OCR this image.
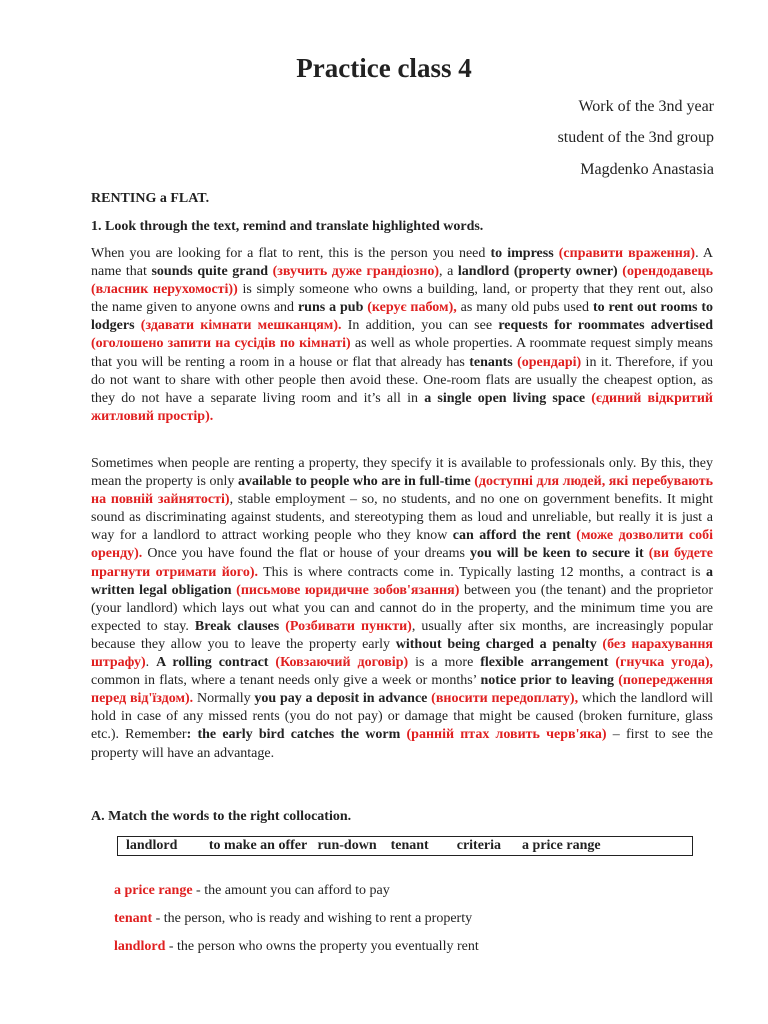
Practice class 4
Work of the 3nd year
student of the 3nd group
Magdenko Anastasia
RENTING a FLAT.
1. Look through the text, remind and translate highlighted words.
When you are looking for a flat to rent, this is the person you need to impress (справити враження). A name that sounds quite grand (звучить дуже грандіозно), a landlord (property owner) (орендодавець (власник нерухомості)) is simply someone who owns a building, land, or property that they rent out, also the name given to anyone owns and runs a pub (керує пабом), as many old pubs used to rent out rooms to lodgers (здавати кімнати мешканцям). In addition, you can see requests for roommates advertised (оголошено запити на сусідів по кімнаті) as well as whole properties. A roommate request simply means that you will be renting a room in a house or flat that already has tenants (орендарі) in it. Therefore, if you do not want to share with other people then avoid these. One-room flats are usually the cheapest option, as they do not have a separate living room and it’s all in a single open living space (єдиний відкритий житловий простір).
Sometimes when people are renting a property, they specify it is available to professionals only. By this, they mean the property is only available to people who are in full-time (доступні для людей, які перебувають на повній зайнятості), stable employment – so, no students, and no one on government benefits. It might sound as discriminating against students, and stereotyping them as loud and unreliable, but really it is just a way for a landlord to attract working people who they know can afford the rent (може дозволити собі оренду). Once you have found the flat or house of your dreams you will be keen to secure it (ви будете прагнути отримати його). This is where contracts come in. Typically lasting 12 months, a contract is a written legal obligation (письмове юридичне зобов'язання) between you (the tenant) and the proprietor (your landlord) which lays out what you can and cannot do in the property, and the minimum time you are expected to stay. Break clauses (Розбивати пункти), usually after six months, are increasingly popular because they allow you to leave the property early without being charged a penalty (без нарахування штрафу). A rolling contract (Ковзаючий договір) is a more flexible arrangement (гнучка угода), common in flats, where a tenant needs only give a week or months’ notice prior to leaving (попередження перед від'їздом). Normally you pay a deposit in advance (вносити передоплату), which the landlord will hold in case of any missed rents (you do not pay) or damage that might be caused (broken furniture, glass etc.). Remember: the early bird catches the worm (ранній птах ловить черв'яка) – first to see the property will have an advantage.
A. Match the words to the right collocation.
landlord to make an offer run-down tenant criteria a price range
a price range - the amount you can afford to pay
tenant - the person, who is ready and wishing to rent a property
landlord - the person who owns the property you eventually rent
